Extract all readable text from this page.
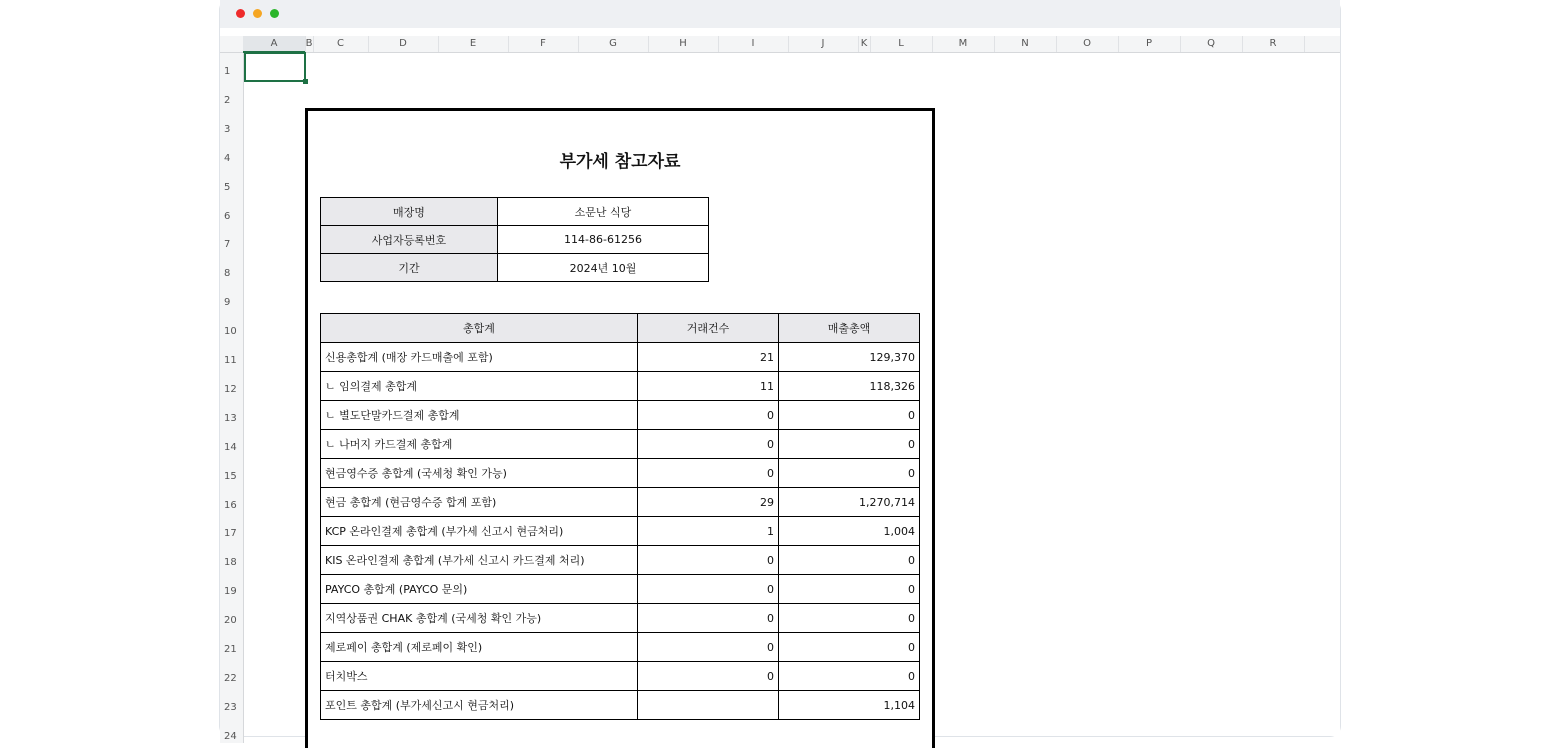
A	B	C	D	E	F	G	H	I	J	K	L	M	N	O	P	Q	R
1
2
3
4
5
6
7
8
9
10
11
12
13
14
15
16
17
18
19
20
21
22
23
24
부가세 참고자료
매장명	소문난 식당
사업자등록번호	114-86-61256
기간	2024년 10월
총합계	거래건수	매출총액
신용총합계 (매장 카드매출에 포함)	21	129,370
ㄴ 임의결제 총합계	11	118,326
ㄴ 별도단말카드결제 총합계	0	0
ㄴ 나머지 카드결제 총합계	0	0
현금영수증 총합계 (국세청 확인 가능)	0	0
현금 총합계 (현금영수증 합계 포함)	29	1,270,714
KCP 온라인결제 총합계 (부가세 신고시 현금처리)	1	1,004
KIS 온라인결제 총합계 (부가세 신고시 카드결제 처리)	0	0
PAYCO 총합계 (PAYCO 문의)	0	0
지역상품권 CHAK 총합계 (국세청 확인 가능)	0	0
제로페이 총합계 (제로페이 확인)	0	0
터치박스	0	0
포인트 총합계 (부가세신고시 현금처리)		1,104
